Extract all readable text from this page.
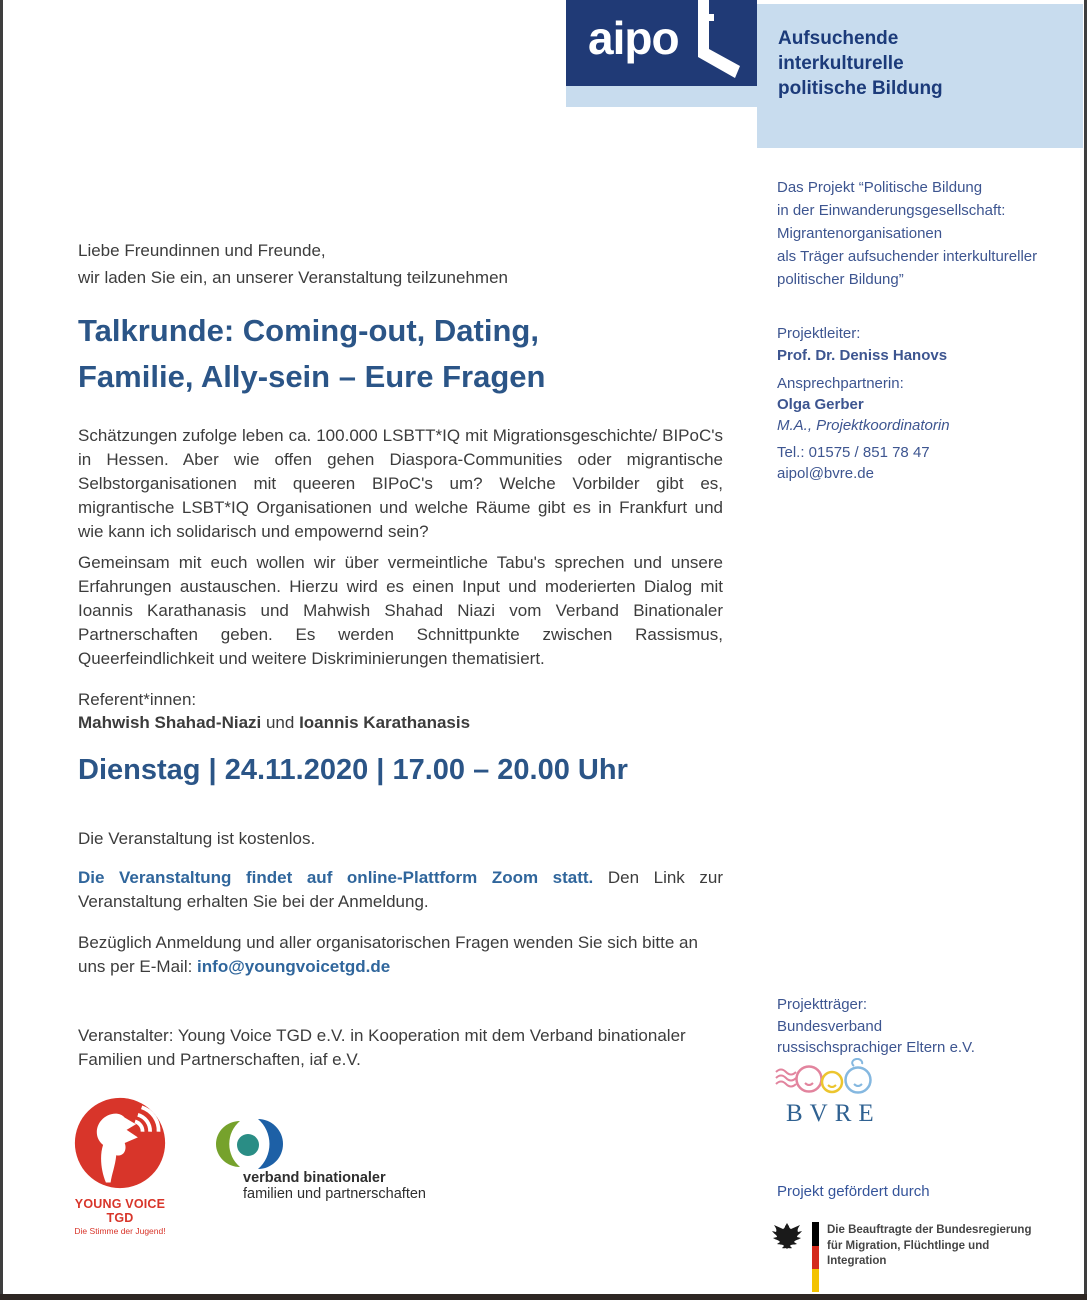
aipo	Aufsuchende interkulturelle politische Bildung
Das Projekt “Politische Bildung
in der Einwanderungsgesellschaft:
Migrantenorganisationen
als Träger aufsuchender interkultureller
politischer Bildung”
Projektleiter:
Prof. Dr. Deniss Hanovs
Ansprechpartnerin:
Olga Gerber
M.A., Projektkoordinatorin
Tel.: 01575 / 851 78 47
aipol@bvre.de
Projektträger:
Bundesverband
russischsprachiger Eltern e.V.
BVRE
Projekt gefördert durch
Die Beauftragte der Bundesregierung
für Migration, Flüchtlinge und
Integration
Liebe Freundinnen und Freunde,
wir laden Sie ein, an unserer Veranstaltung teilzunehmen
Talkrunde: Coming-out, Dating,
Familie, Ally-sein – Eure Fragen

Schätzungen zufolge leben ca. 100.000 LSBTT*IQ mit Migrationsgeschichte/ BIPoC's in Hessen. Aber wie offen gehen Diaspora-Communities oder migrantische Selbstorganisationen mit queeren BIPoC's um? Welche Vorbilder gibt es, migrantische LSBT*IQ Organisationen und welche Räume gibt es in Frankfurt und wie kann ich solidarisch und empowernd sein?

Gemeinsam mit euch wollen wir über vermeintliche Tabu's sprechen und unsere Erfahrungen austauschen. Hierzu wird es einen Input und moderierten Dialog mit Ioannis Karathanasis und Mahwish Shahad Niazi vom Verband Binationaler Partnerschaften geben. Es werden Schnittpunkte zwischen Rassismus, Queerfeindlichkeit und weitere Diskriminierungen thematisiert.

Referent*innen:
Mahwish Shahad-Niazi und Ioannis Karathanasis
Dienstag | 24.11.2020 | 17.00 – 20.00 Uhr
Die Veranstaltung ist kostenlos.
Die Veranstaltung findet auf online-Plattform Zoom statt. Den Link zur Veranstaltung erhalten Sie bei der Anmeldung.
Bezüglich Anmeldung und aller organisatorischen Fragen wenden Sie sich bitte an uns per E-Mail: info@youngvoicetgd.de
Veranstalter: Young Voice TGD e.V. in Kooperation mit dem Verband binationaler Familien und Partnerschaften, iaf e.V.
YOUNG VOICE TGD
Die Stimme der Jugend!
verband binationaler
familien und partnerschaften
